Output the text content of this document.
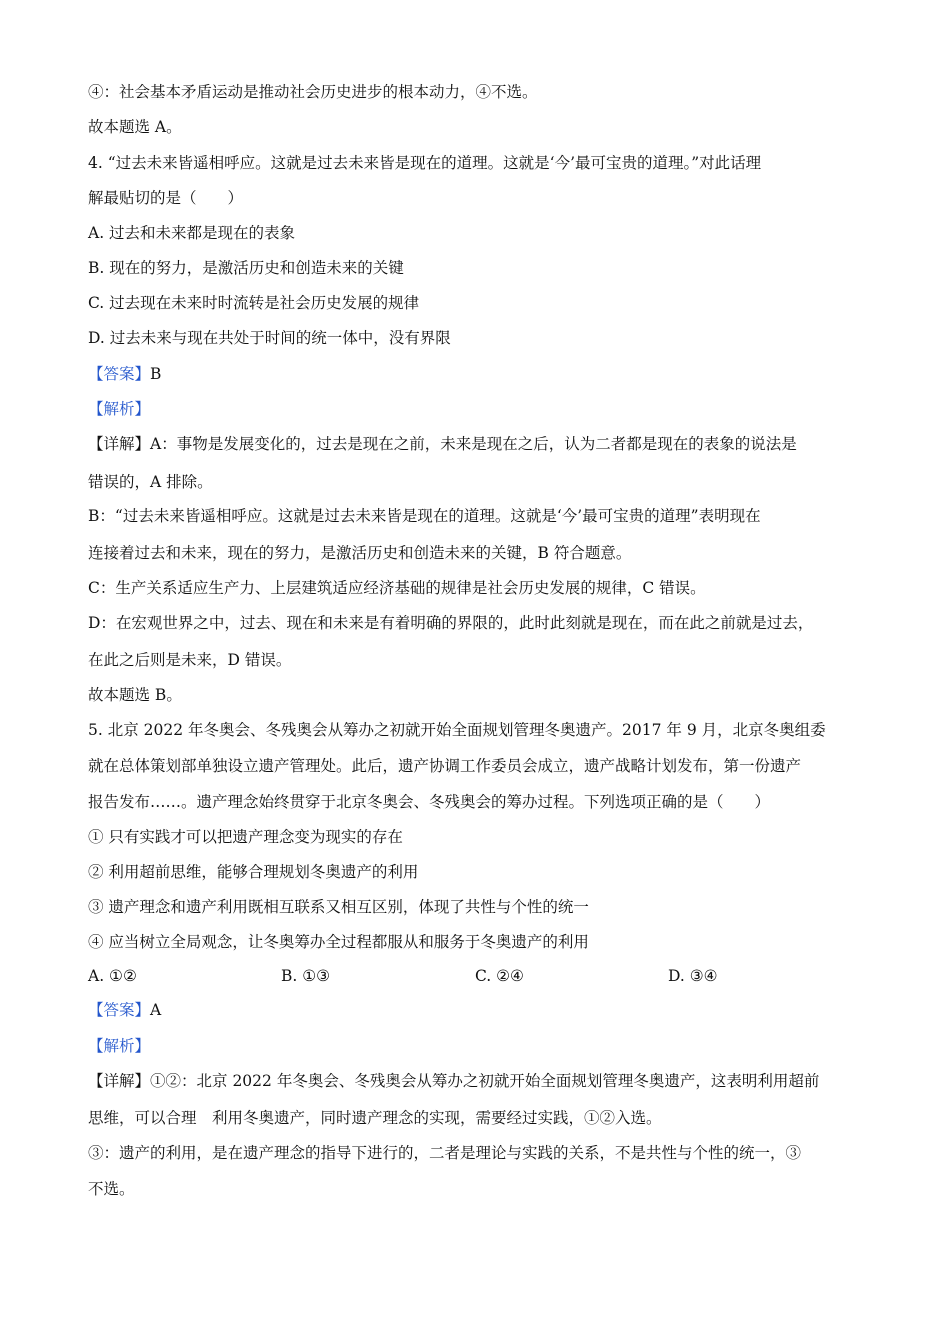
④：社会基本矛盾运动是推动社会历史进步的根本动力，④不选。
故本题选 A。
4. “过去未来皆遥相呼应。这就是过去未来皆是现在的道理。这就是‘今’最可宝贵的道理。”对此话理
解最贴切的是（　　）
A. 过去和未来都是现在的表象
B. 现在的努力，是激活历史和创造未来的关键
C. 过去现在未来时时流转是社会历史发展的规律
D. 过去未来与现在共处于时间的统一体中，没有界限
【答案】B
【解析】
【详解】A：事物是发展变化的，过去是现在之前，未来是现在之后，认为二者都是现在的表象的说法是
错误的，A 排除。
B：“过去未来皆遥相呼应。这就是过去未来皆是现在的道理。这就是‘今’最可宝贵的道理”表明现在
连接着过去和未来，现在的努力，是激活历史和创造未来的关键，B 符合题意。
C：生产关系适应生产力、上层建筑适应经济基础的规律是社会历史发展的规律，C 错误。
D：在宏观世界之中，过去、现在和未来是有着明确的界限的，此时此刻就是现在，而在此之前就是过去，
在此之后则是未来，D 错误。
故本题选 B。
5. 北京 2022 年冬奥会、冬残奥会从筹办之初就开始全面规划管理冬奥遗产。2017 年 9 月，北京冬奥组委
就在总体策划部单独设立遗产管理处。此后，遗产协调工作委员会成立，遗产战略计划发布，第一份遗产
报告发布……。遗产理念始终贯穿于北京冬奥会、冬残奥会的筹办过程。下列选项正确的是（　　）
① 只有实践才可以把遗产理念变为现实的存在
② 利用超前思维，能够合理规划冬奥遗产的利用
③ 遗产理念和遗产利用既相互联系又相互区别，体现了共性与个性的统一
④ 应当树立全局观念，让冬奥筹办全过程都服从和服务于冬奥遗产的利用
A. ①②	B. ①③	C. ②④	D. ③④
【答案】A
【解析】
【详解】①②：北京 2022 年冬奥会、冬残奥会从筹办之初就开始全面规划管理冬奥遗产，这表明利用超前
思维，可以合理　利用冬奥遗产，同时遗产理念的实现，需要经过实践，①②入选。
③：遗产的利用，是在遗产理念的指导下进行的，二者是理论与实践的关系，不是共性与个性的统一，③
不选。
